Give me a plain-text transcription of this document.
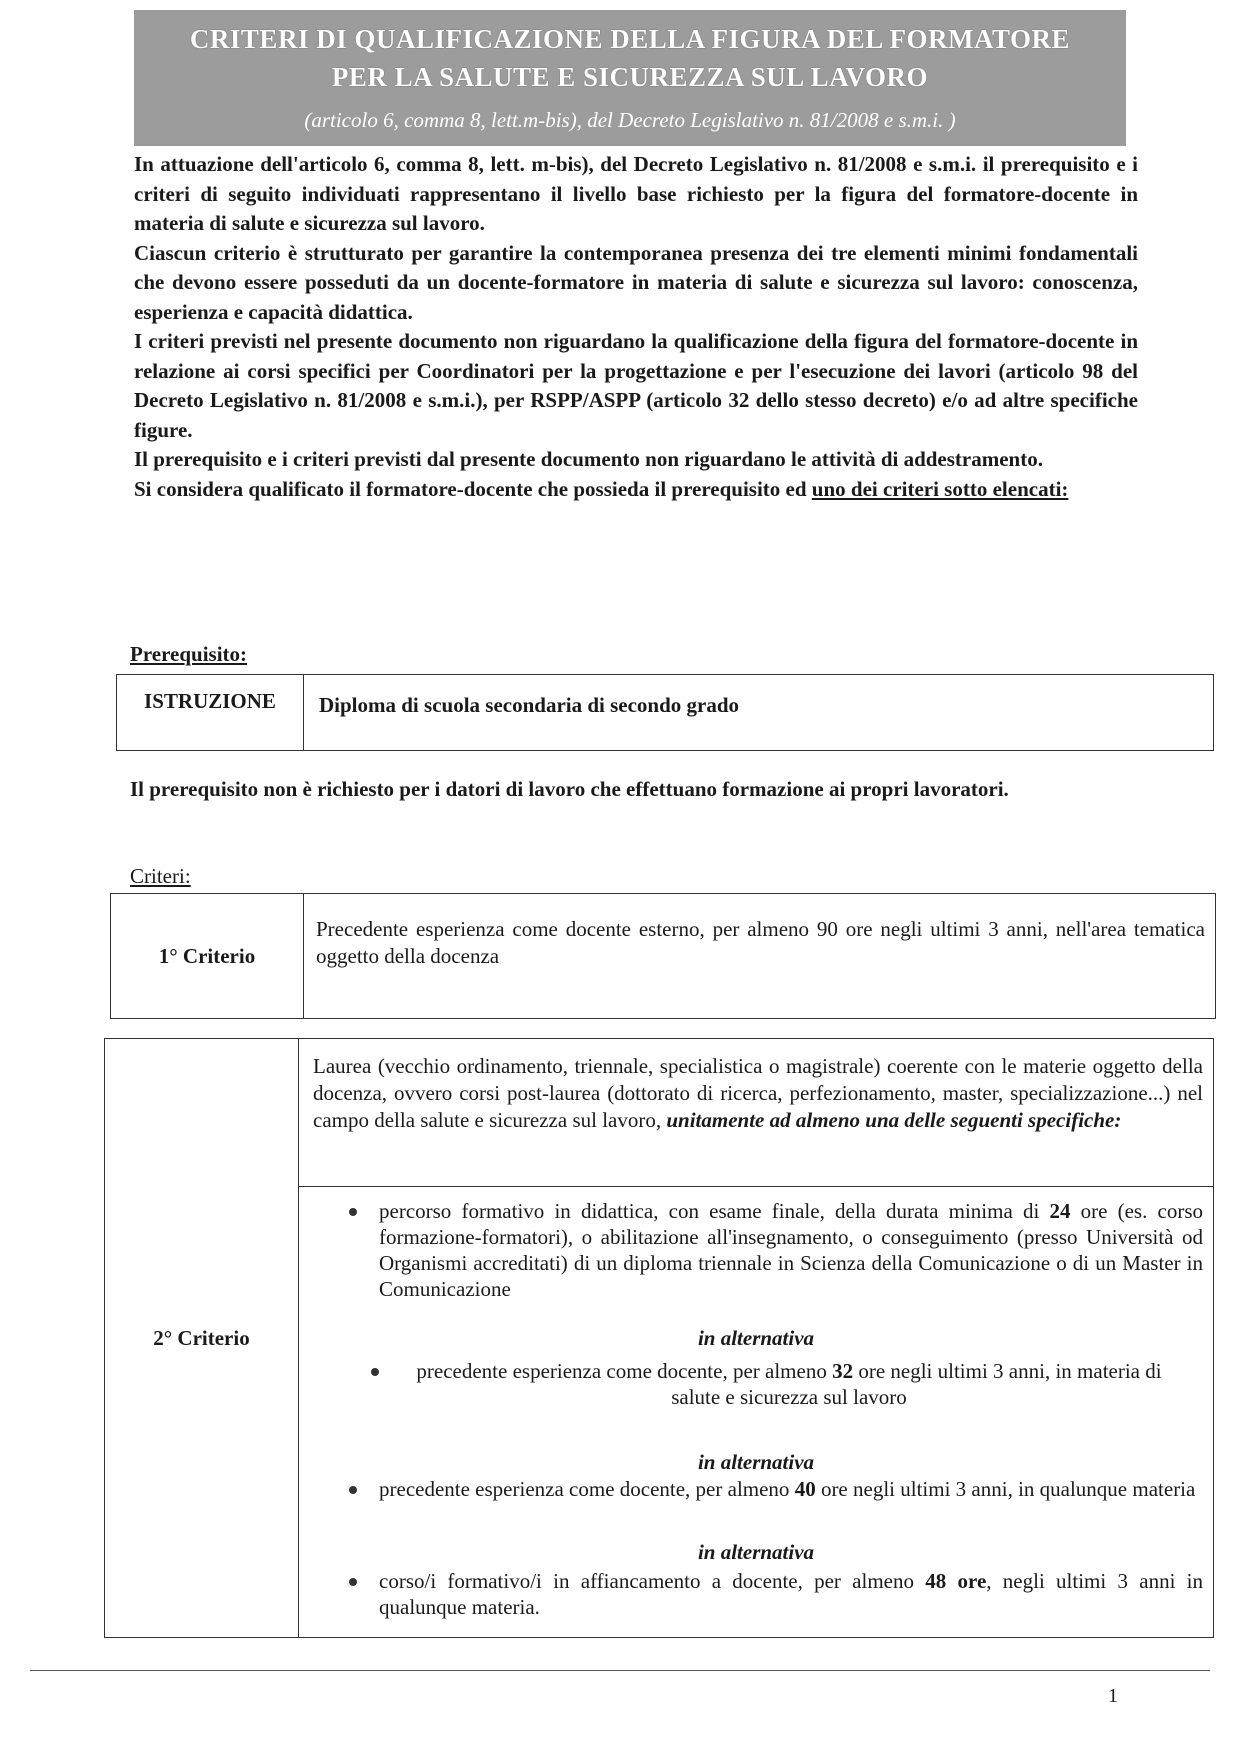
CRITERI DI QUALIFICAZIONE DELLA FIGURA DEL FORMATORE
PER LA SALUTE E SICUREZZA SUL LAVORO
(articolo 6, comma 8, lett.m-bis), del Decreto Legislativo n. 81/2008 e s.m.i. )

In attuazione dell'articolo 6, comma 8, lett. m-bis), del Decreto Legislativo n. 81/2008 e s.m.i. il prerequisito e i criteri di seguito individuati rappresentano il livello base richiesto per la figura del formatore-docente in materia di salute e sicurezza sul lavoro.

Ciascun criterio è strutturato per garantire la contemporanea presenza dei tre elementi minimi fondamentali che devono essere posseduti da un docente-formatore in materia di salute e sicurezza sul lavoro: conoscenza, esperienza e capacità didattica.

I criteri previsti nel presente documento non riguardano la qualificazione della figura del formatore-docente in relazione ai corsi specifici per Coordinatori per la progettazione e per l'esecuzione dei lavori (articolo 98 del Decreto Legislativo n. 81/2008 e s.m.i.), per RSPP/ASPP (articolo 32 dello stesso decreto) e/o ad altre specifiche figure.

Il prerequisito e i criteri previsti dal presente documento non riguardano le attività di addestramento.

Si considera qualificato il formatore-docente che possieda il prerequisito ed uno dei criteri sotto elencati:

Prerequisito:
ISTRUZIONE	Diploma di scuola secondaria di secondo grado
Il prerequisito non è richiesto per i datori di lavoro che effettuano formazione ai propri lavoratori.
Criteri:
1° Criterio
Precedente esperienza come docente esterno, per almeno 90 ore negli ultimi 3 anni, nell'area tematica oggetto della docenza
2° Criterio
Laurea (vecchio ordinamento, triennale, specialistica o magistrale) coerente con le materie oggetto della docenza, ovvero corsi post-laurea (dottorato di ricerca, perfezionamento, master, specializzazione...) nel campo della salute e sicurezza sul lavoro, unitamente ad almeno una delle seguenti specifiche:
percorso formativo in didattica, con esame finale, della durata minima di 24 ore (es. corso formazione-formatori), o abilitazione all'insegnamento, o conseguimento (presso Università od Organismi accreditati) di un diploma triennale in Scienza della Comunicazione o di un Master in Comunicazione
in alternativa
precedente esperienza come docente, per almeno 32 ore negli ultimi 3 anni, in materia di salute e sicurezza sul lavoro
in alternativa
precedente esperienza come docente, per almeno 40 ore negli ultimi 3 anni, in qualunque materia
in alternativa
corso/i formativo/i in affiancamento a docente, per almeno 48 ore, negli ultimi 3 anni in qualunque materia.
1
